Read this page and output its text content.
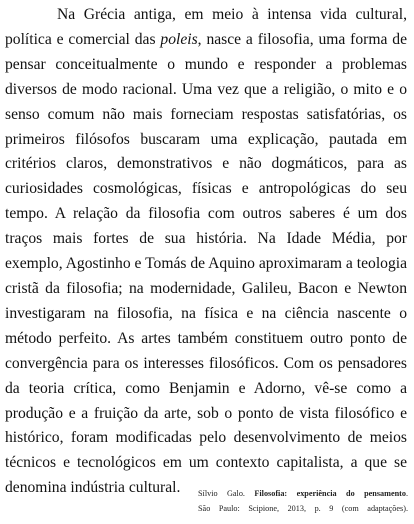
Na Grécia antiga, em meio à intensa vida cultural, política e comercial das poleis, nasce a filosofia, uma forma de pensar conceitualmente o mundo e responder a problemas diversos de modo racional. Uma vez que a religião, o mito e o senso comum não mais forneciam respostas satisfatórias, os primeiros filósofos buscaram uma explicação, pautada em critérios claros, demonstrativos e não dogmáticos, para as curiosidades cosmológicas, físicas e antropológicas do seu tempo. A relação da filosofia com outros saberes é um dos traços mais fortes de sua história. Na Idade Média, por exemplo, Agostinho e Tomás de Aquino aproximaram a teologia cristã da filosofia; na modernidade, Galileu, Bacon e Newton investigaram na filosofia, na física e na ciência nascente o método perfeito. As artes também constituem outro ponto de convergência para os interesses filosóficos. Com os pensadores da teoria crítica, como Benjamin e Adorno, vê-se como a produção e a fruição da arte, sob o ponto de vista filosófico e histórico, foram modificadas pelo desenvolvimento de meios técnicos e tecnológicos em um contexto capitalista, a que se denomina indústria cultural.	Sílvio Galo. Filosofia: experiência do pensamento.
São Paulo: Scipione, 2013, p. 9 (com adaptações).
